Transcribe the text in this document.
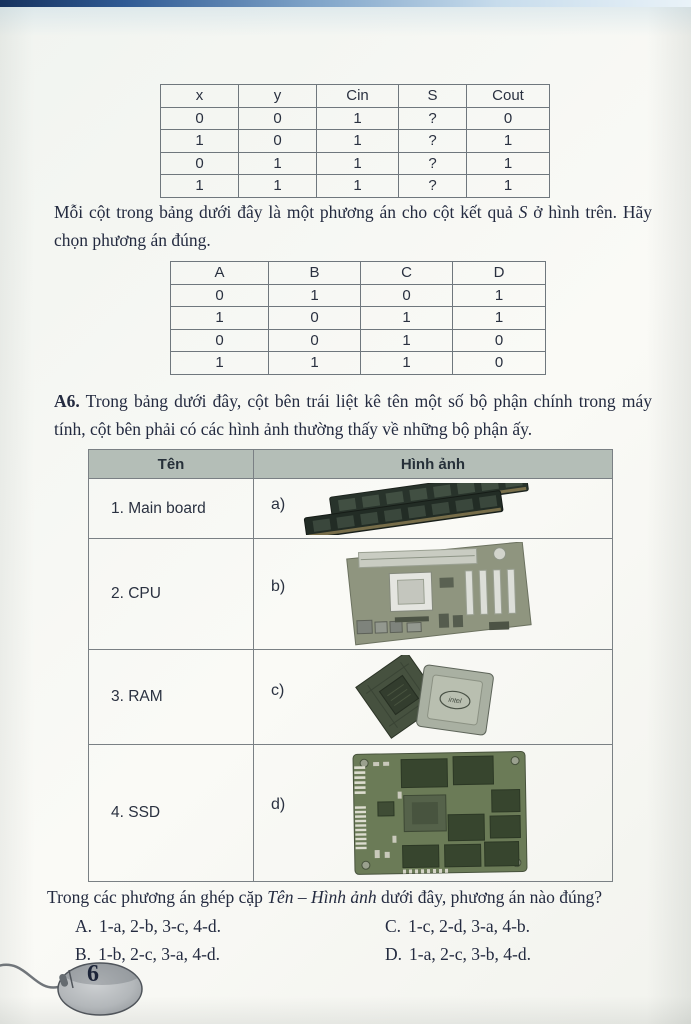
x	y	Cin	S	Cout
0	0	1	?	0
1	0	1	?	1
0	1	1	?	1
1	1	1	?	1

Mỗi cột trong bảng dưới đây là một phương án cho cột kết quả S ở hình trên. Hãy chọn phương án đúng.

A	B	C	D
0	1	0	1
1	0	1	1
0	0	1	0
1	1	1	0

A6. Trong bảng dưới đây, cột bên trái liệt kê tên một số bộ phận chính trong máy tính, cột bên phải có các hình ảnh thường thấy về những bộ phận ấy.

Tên	Hình ảnh
1. Main board	a)

2. CPU	b)

3. RAM	c)
intel

4. SSD	d)

Trong các phương án ghép cặp Tên – Hình ảnh dưới đây, phương án nào đúng?

A. 1-a, 2-b, 3-c, 4-d.	C. 1-c, 2-d, 3-a, 4-b.
B. 1-b, 2-c, 3-a, 4-d.	D. 1-a, 2-c, 3-b, 4-d.
6
